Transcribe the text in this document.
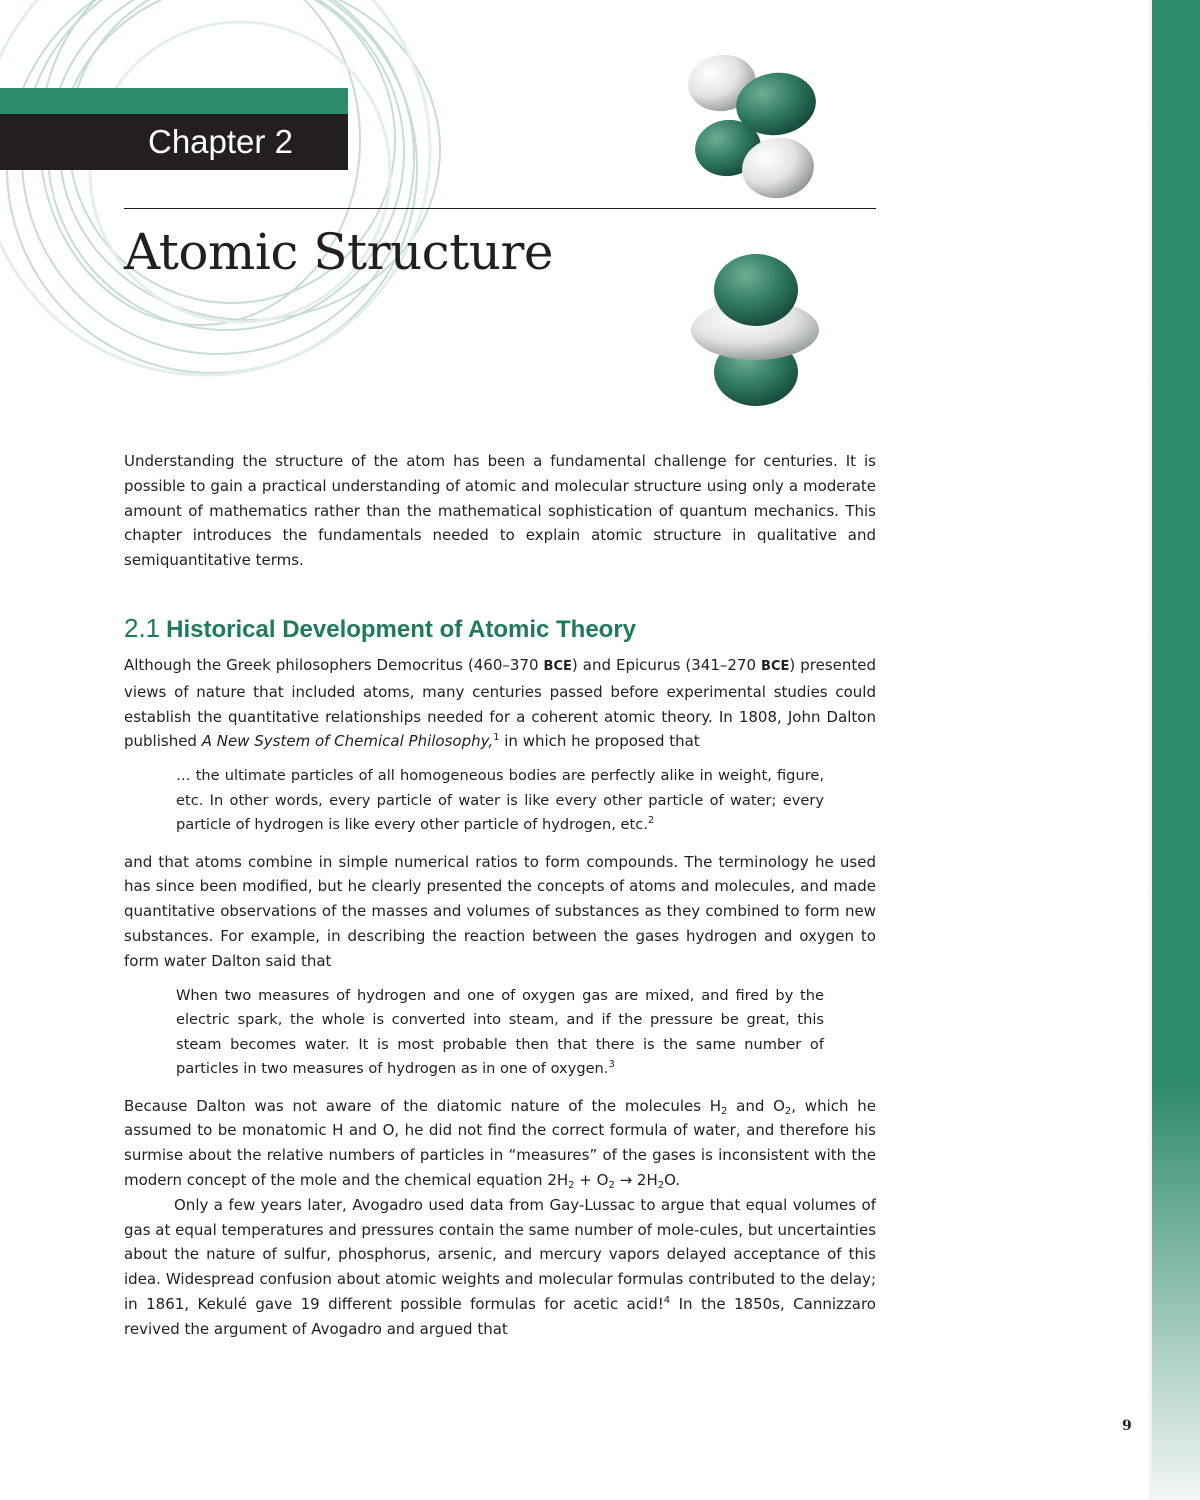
Chapter 2
Atomic Structure

Understanding the structure of the atom has been a fundamental challenge for centuries. It is possible to gain a practical understanding of atomic and molecular structure using only a moderate amount of mathematics rather than the mathematical sophistication of quantum mechanics. This chapter introduces the fundamentals needed to explain atomic structure in qualitative and semiquantitative terms.

2.1 Historical Development of Atomic Theory

Although the Greek philosophers Democritus (460–370 BCE) and Epicurus (341–270 BCE) presented views of nature that included atoms, many centuries passed before experimental studies could establish the quantitative relationships needed for a coherent atomic theory. In 1808, John Dalton published A New System of Chemical Philosophy,$^1$ in which he proposed that

… the ultimate particles of all homogeneous bodies are perfectly alike in weight, figure, etc. In other words, every particle of water is like every other particle of water; every particle of hydrogen is like every other particle of hydrogen, etc.$^2$

and that atoms combine in simple numerical ratios to form compounds. The terminology he used has since been modified, but he clearly presented the concepts of atoms and molecules, and made quantitative observations of the masses and volumes of substances as they combined to form new substances. For example, in describing the reaction between the gases hydrogen and oxygen to form water Dalton said that

When two measures of hydrogen and one of oxygen gas are mixed, and fired by the electric spark, the whole is converted into steam, and if the pressure be great, this steam becomes water. It is most probable then that there is the same number of particles in two measures of hydrogen as in one of oxygen.$^3$

Because Dalton was not aware of the diatomic nature of the molecules $H_2$ and $O_2$, which he assumed to be monatomic H and O, he did not find the correct formula of water, and therefore his surmise about the relative numbers of particles in “measures” of the gases is inconsistent with the modern concept of the mole and the chemical equation $2H_2 + O_2 \to 2H_2O$.

Only a few years later, Avogadro used data from Gay-Lussac to argue that equal volumes of gas at equal temperatures and pressures contain the same number of mole-cules, but uncertainties about the nature of sulfur, phosphorus, arsenic, and mercury vapors delayed acceptance of this idea. Widespread confusion about atomic weights and molecular formulas contributed to the delay; in 1861, Kekulé gave 19 different possible formulas for acetic acid!$^4$ In the 1850s, Cannizzaro revived the argument of Avogadro and argued that

9
